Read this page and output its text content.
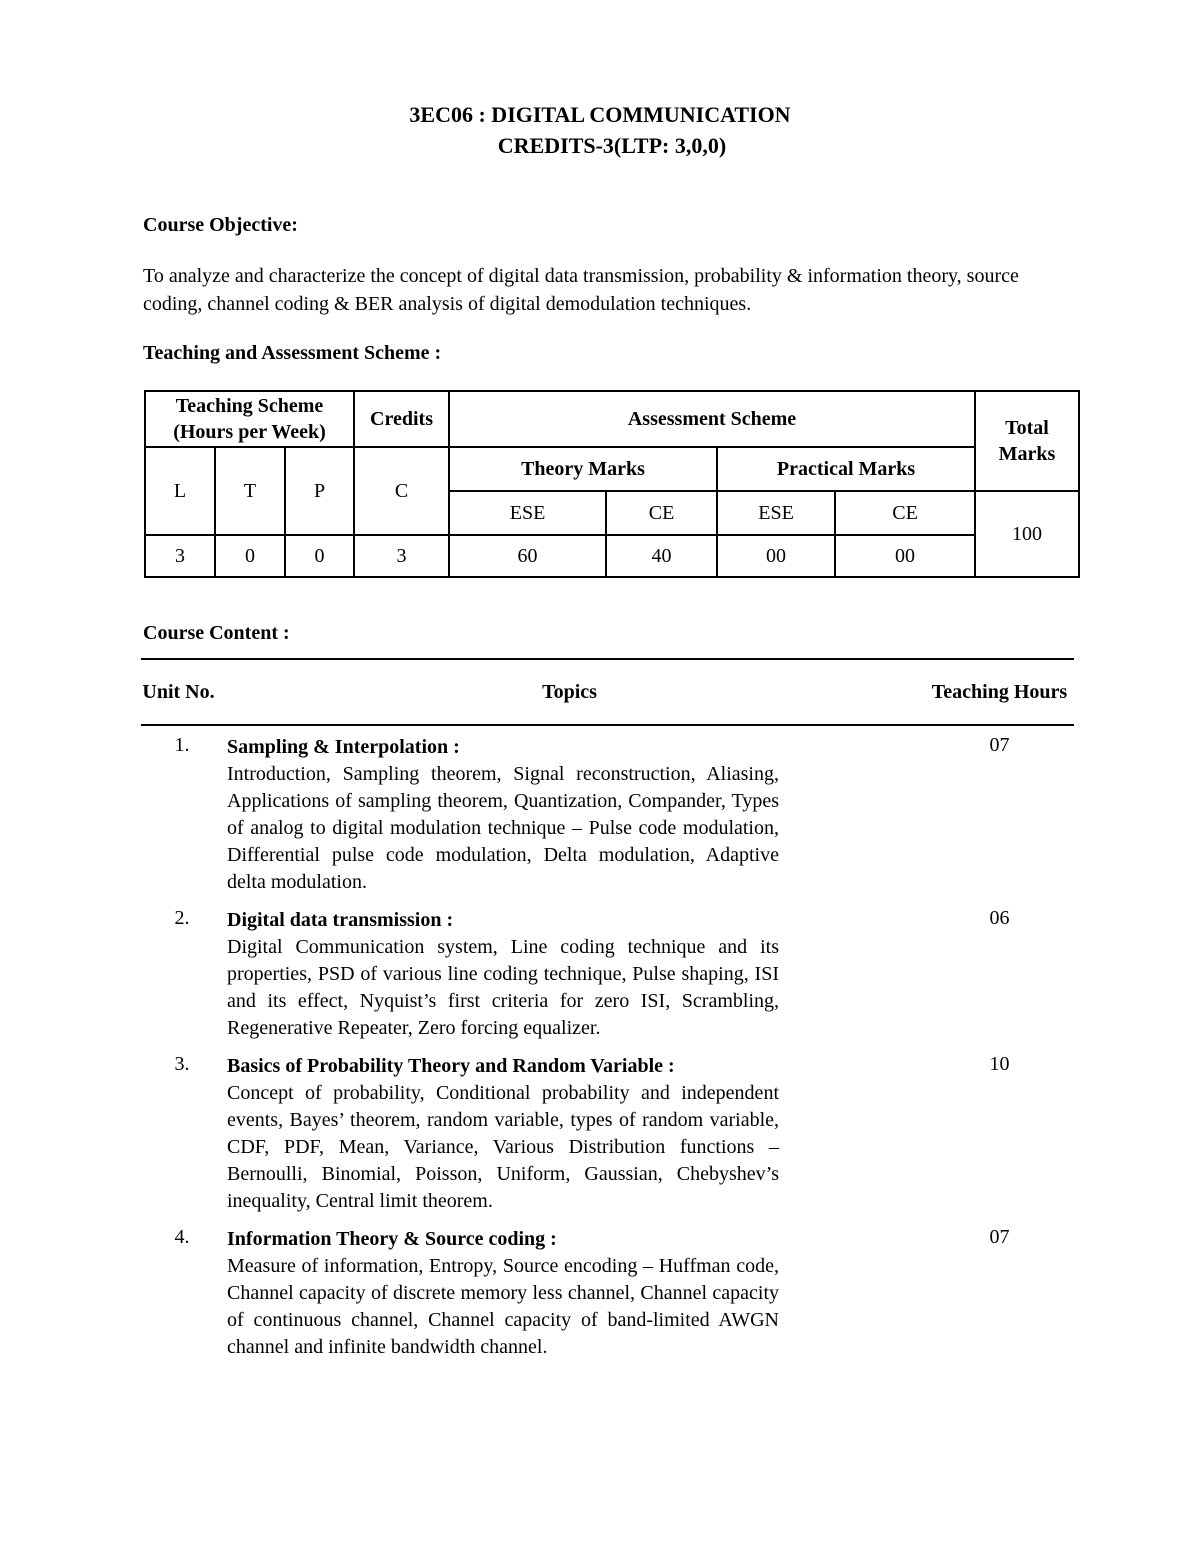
3EC06 : DIGITAL COMMUNICATION
CREDITS-3(LTP: 3,0,0)
Course Objective:
To analyze and characterize the concept of digital data transmission, probability & information theory, source coding, channel coding & BER analysis of digital demodulation techniques.
Teaching and Assessment Scheme :
Teaching Scheme (Hours per Week)			Credits	Assessment Scheme				Total Marks
L	T	P	C	Theory Marks		Practical Marks		
				ESE	CE	ESE	CE	100
3	0	0	3	60	40	00	00	
Course Content :
Unit No.	Topics	Teaching Hours
1.	Sampling & Interpolation :
Introduction, Sampling theorem, Signal reconstruction, Aliasing, Applications of sampling theorem, Quantization, Compander, Types of analog to digital modulation technique – Pulse code modulation, Differential pulse code modulation, Delta modulation, Adaptive delta modulation.	07
2.	Digital data transmission :
Digital Communication system, Line coding technique and its properties, PSD of various line coding technique, Pulse shaping, ISI and its effect, Nyquist’s first criteria for zero ISI, Scrambling, Regenerative Repeater, Zero forcing equalizer.	06
3.	Basics of Probability Theory and Random Variable :
Concept of probability, Conditional probability and independent events, Bayes’ theorem, random variable, types of random variable, CDF, PDF, Mean, Variance, Various Distribution functions – Bernoulli, Binomial, Poisson, Uniform, Gaussian, Chebyshev’s inequality, Central limit theorem.	10
4.	Information Theory & Source coding :
Measure of information, Entropy, Source encoding – Huffman code, Channel capacity of discrete memory less channel, Channel capacity of continuous channel, Channel capacity of band-limited AWGN channel and infinite bandwidth channel.	07
